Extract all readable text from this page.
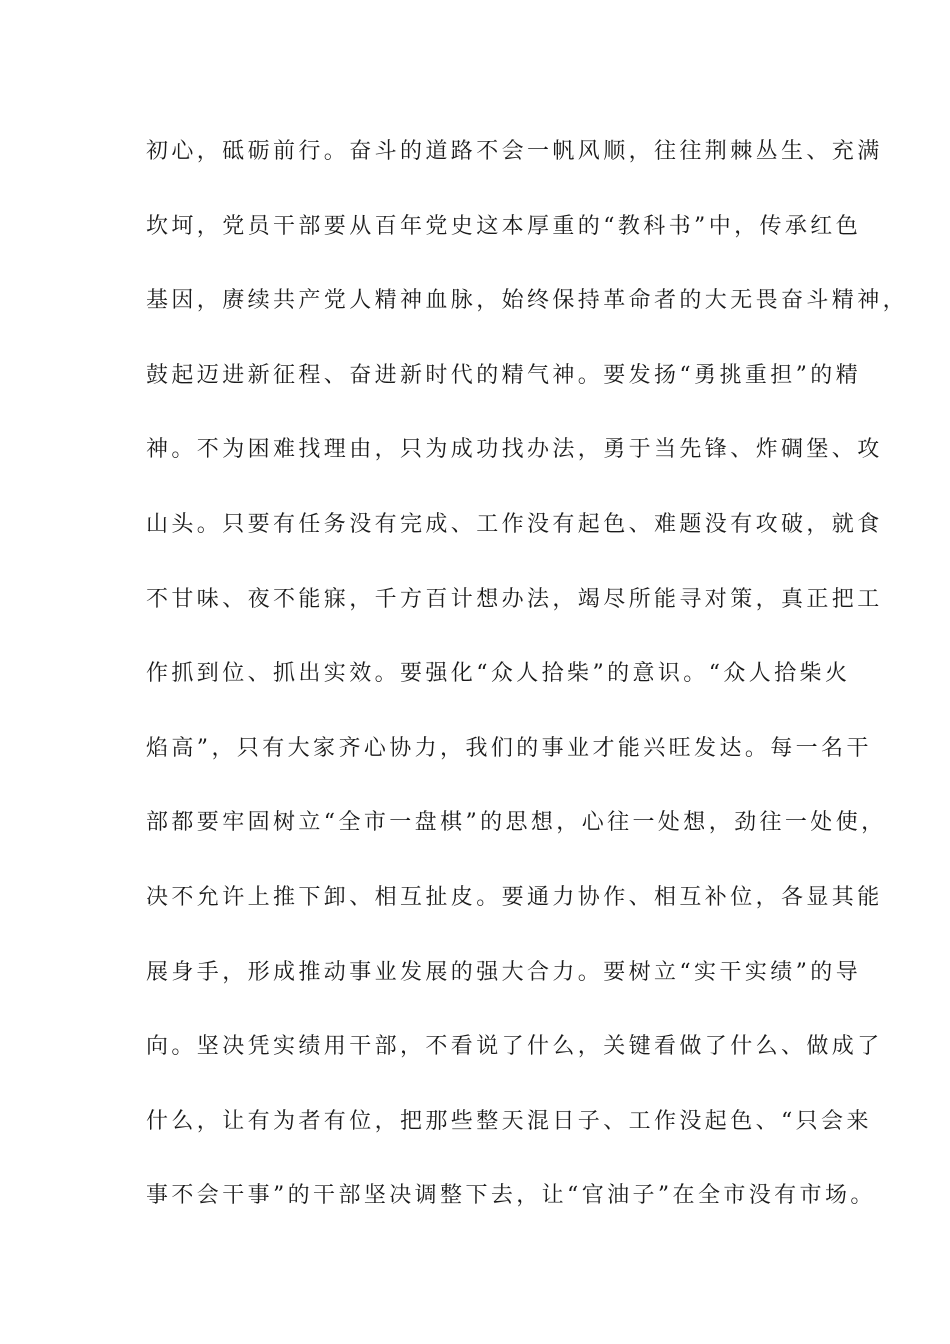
初心，砥砺前行。奋斗的道路不会一帆风顺，往往荆棘丛生、充满
坎坷，党员干部要从百年党史这本厚重的“教科书”中，传承红色
基因，赓续共产党人精神血脉，始终保持革命者的大无畏奋斗精神，
鼓起迈进新征程、奋进新时代的精气神。要发扬“勇挑重担”的精
神。不为困难找理由，只为成功找办法，勇于当先锋、炸碉堡、攻
山头。只要有任务没有完成、工作没有起色、难题没有攻破，就食
不甘味、夜不能寐，千方百计想办法，竭尽所能寻对策，真正把工
作抓到位、抓出实效。要强化“众人拾柴”的意识。“众人拾柴火
焰高”，只有大家齐心协力，我们的事业才能兴旺发达。每一名干
部都要牢固树立“全市一盘棋”的思想，心往一处想，劲往一处使，
决不允许上推下卸、相互扯皮。要通力协作、相互补位，各显其能
展身手，形成推动事业发展的强大合力。要树立“实干实绩”的导
向。坚决凭实绩用干部，不看说了什么，关键看做了什么、做成了
什么，让有为者有位，把那些整天混日子、工作没起色、“只会来
事不会干事”的干部坚决调整下去，让“官油子”在全市没有市场。
